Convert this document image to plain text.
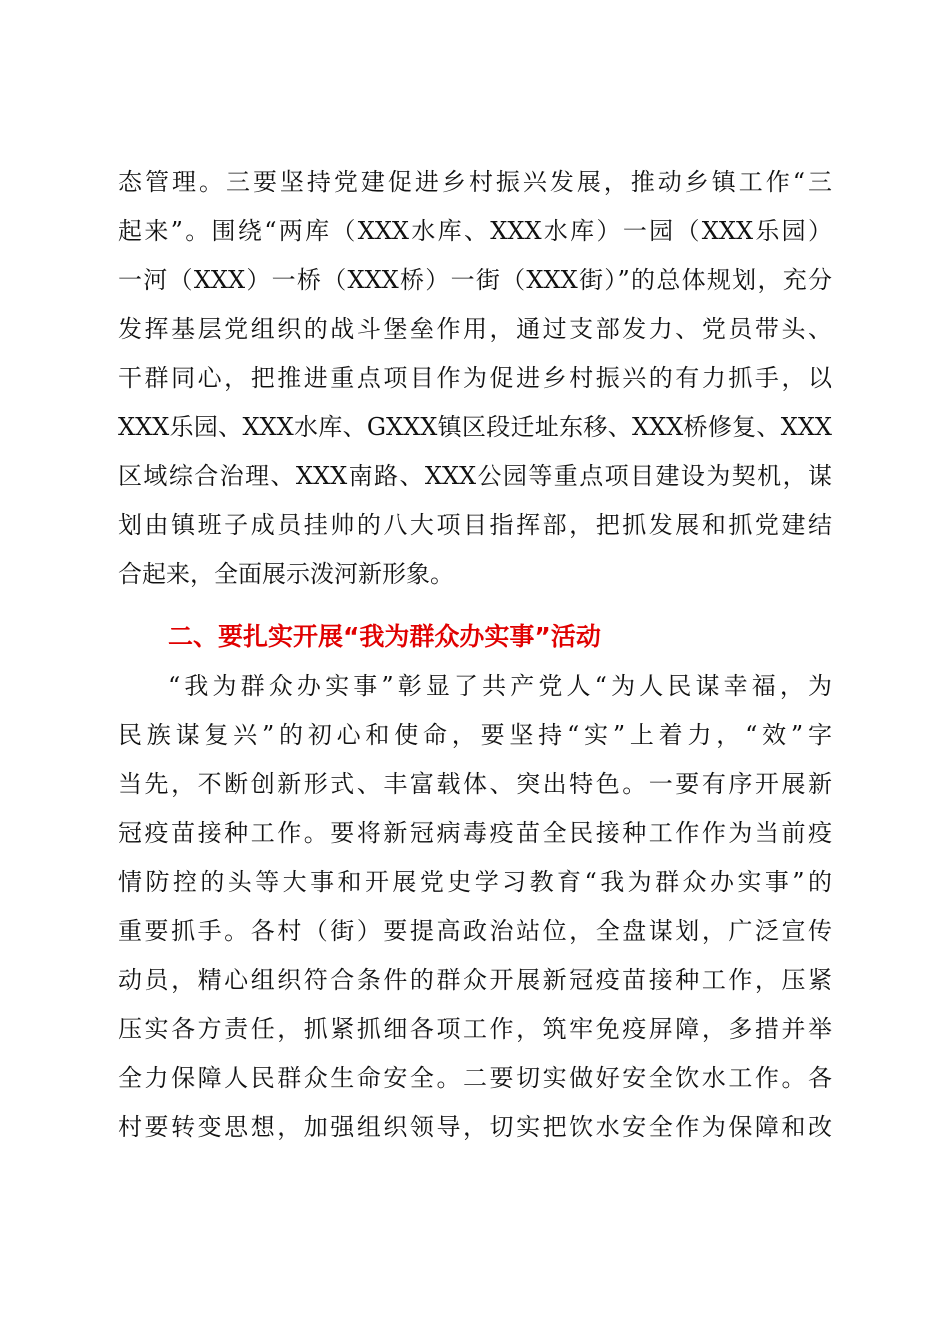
态管理。三要坚持党建促进乡村振兴发展，推动乡镇工作“三
起来”。围绕“两库（XXX水库、XXX水库）一园（XXX乐园）
一河（XXX）一桥（XXX桥）一街（XXX街）”的总体规划，充分
发挥基层党组织的战斗堡垒作用，通过支部发力、党员带头、
干群同心，把推进重点项目作为促进乡村振兴的有力抓手，以
XXX乐园、XXX水库、GXXX镇区段迁址东移、XXX桥修复、XXX
区域综合治理、XXX南路、XXX公园等重点项目建设为契机，谋
划由镇班子成员挂帅的八大项目指挥部，把抓发展和抓党建结
合起来，全面展示泼河新形象。
二、要扎实开展“我为群众办实事”活动
“我为群众办实事”彰显了共产党人“为人民谋幸福，为
民族谋复兴”的初心和使命，要坚持“实”上着力，“效”字
当先，不断创新形式、丰富载体、突出特色。一要有序开展新
冠疫苗接种工作。要将新冠病毒疫苗全民接种工作作为当前疫
情防控的头等大事和开展党史学习教育“我为群众办实事”的
重要抓手。各村（街）要提高政治站位，全盘谋划，广泛宣传
动员，精心组织符合条件的群众开展新冠疫苗接种工作，压紧
压实各方责任，抓紧抓细各项工作，筑牢免疫屏障，多措并举
全力保障人民群众生命安全。二要切实做好安全饮水工作。各
村要转变思想，加强组织领导，切实把饮水安全作为保障和改
